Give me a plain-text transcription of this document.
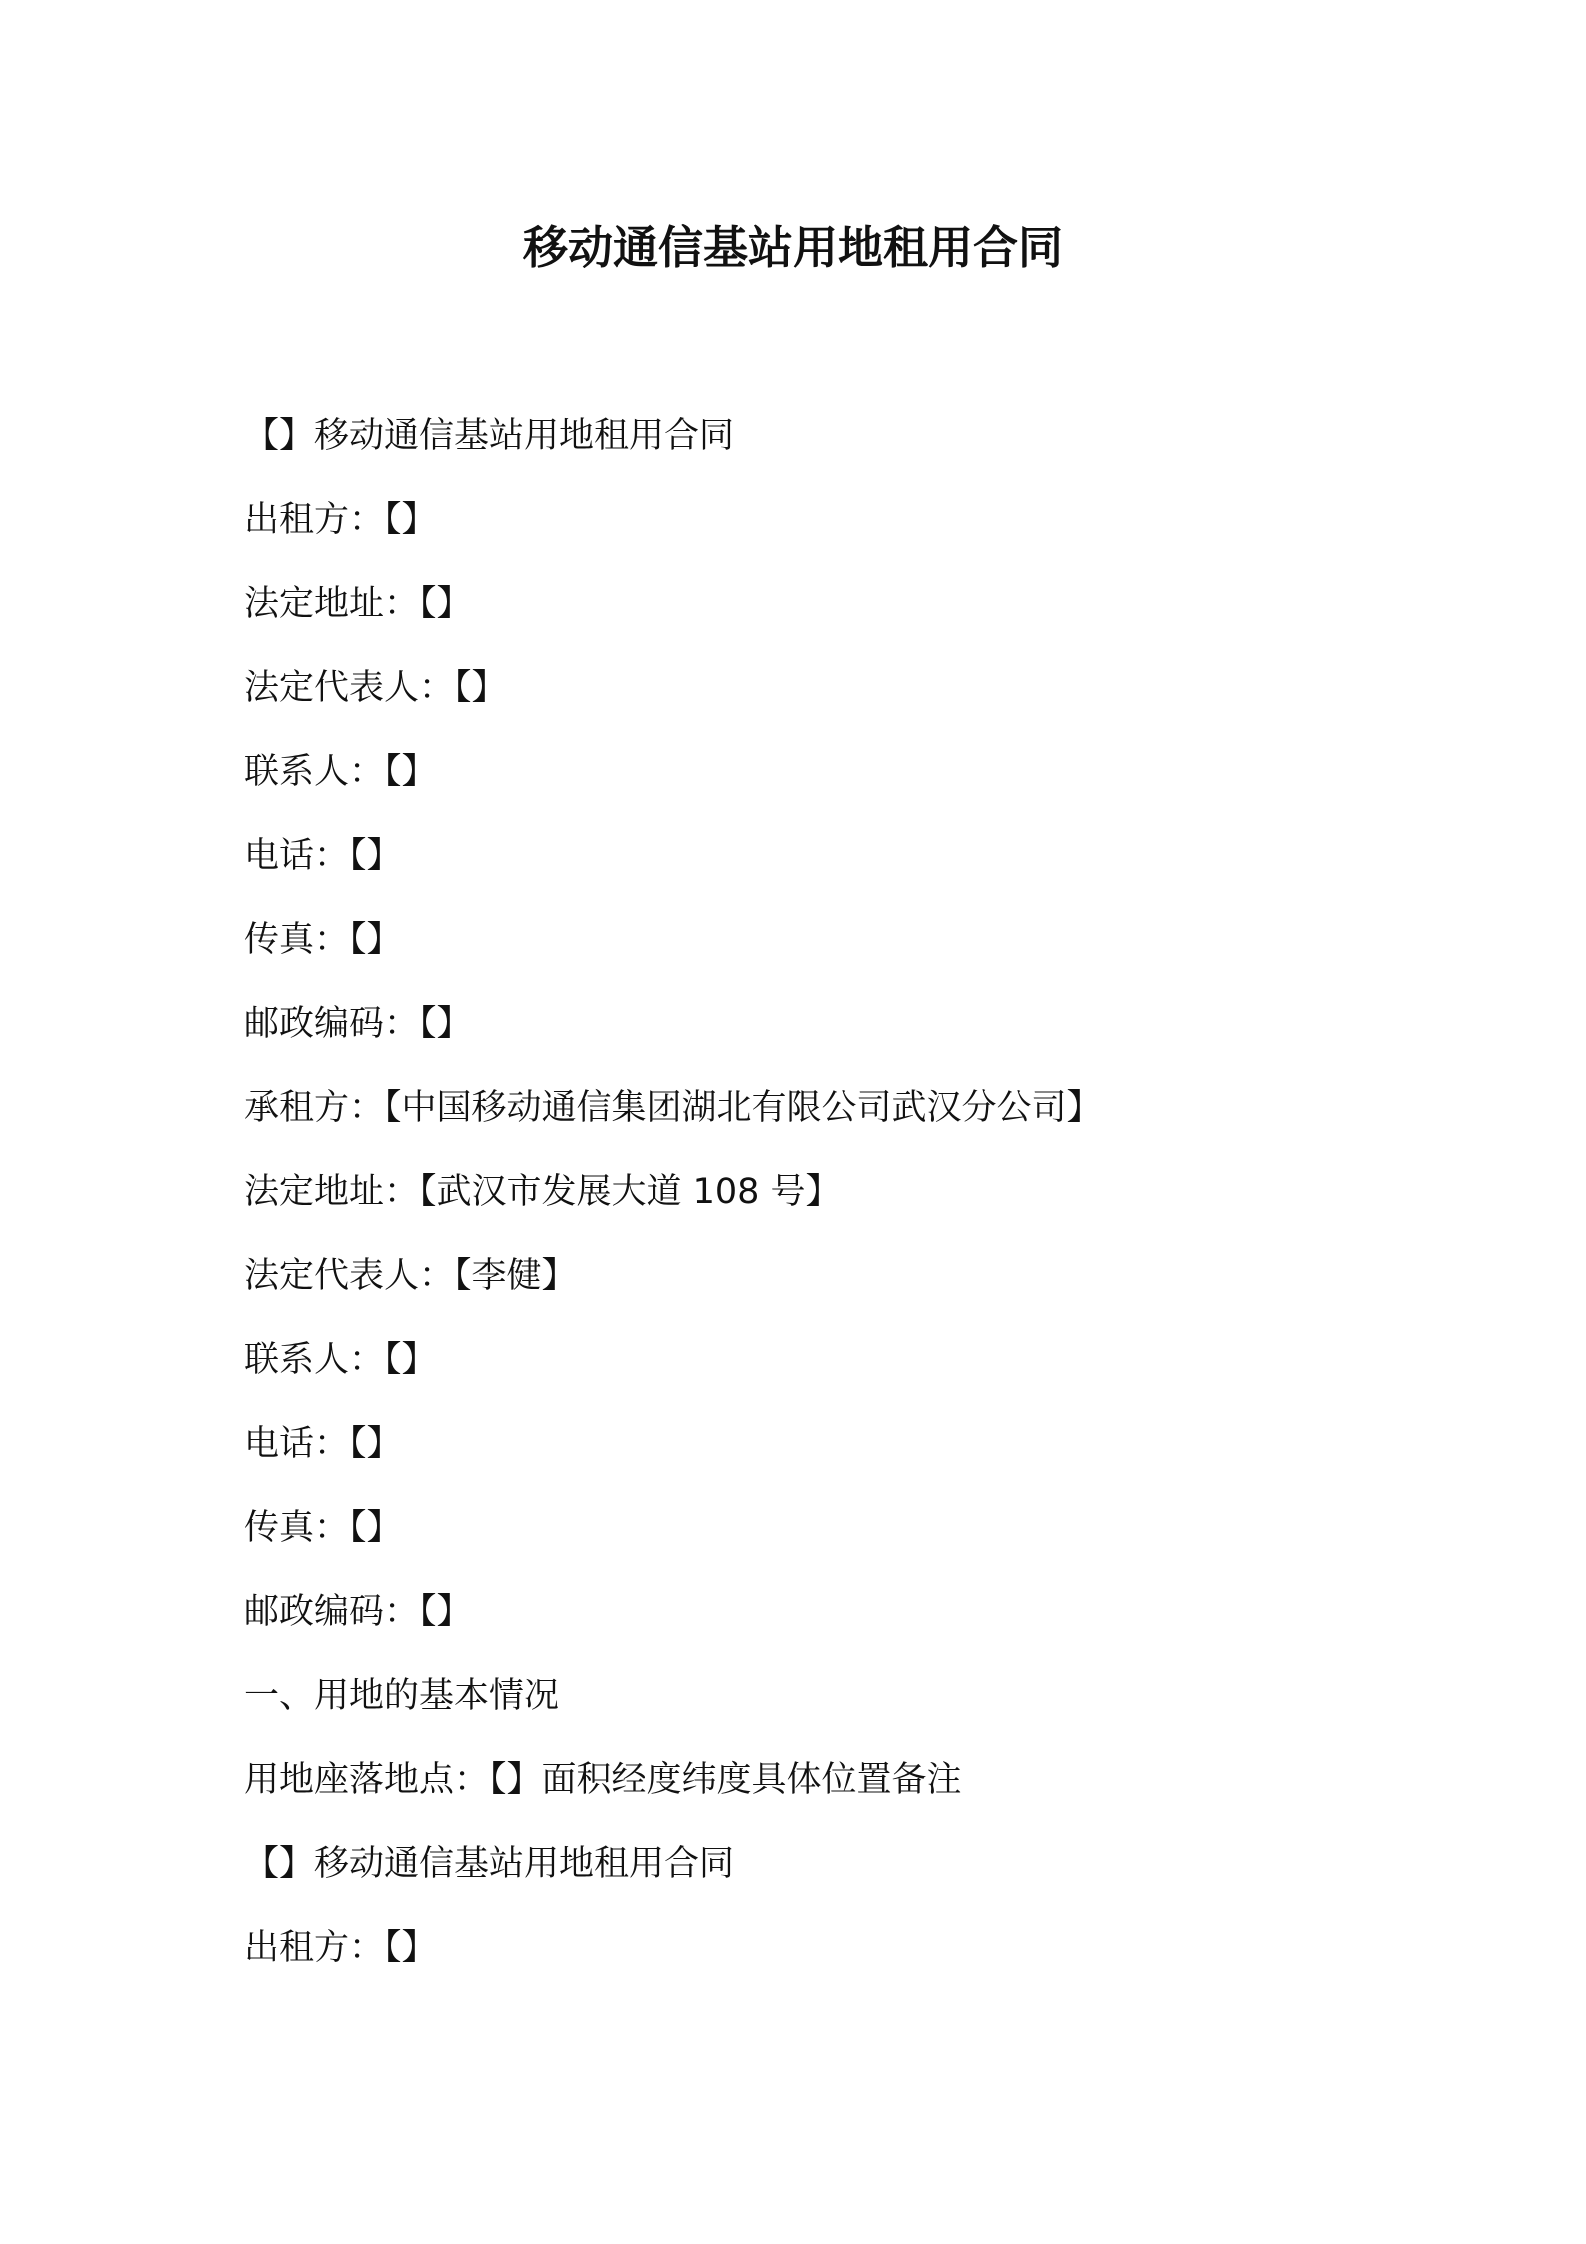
移动通信基站用地租用合同
【】移动通信基站用地租用合同
出租方：【】
法定地址：【】
法定代表人：【】
联系人：【】
电话：【】
传真：【】
邮政编码：【】
承租方：【中国移动通信集团湖北有限公司武汉分公司】
法定地址：【武汉市发展大道 108 号】
法定代表人：【李健】
联系人：【】
电话：【】
传真：【】
邮政编码：【】
一、用地的基本情况
用地座落地点：【】面积经度纬度具体位置备注
【】移动通信基站用地租用合同
出租方：【】
